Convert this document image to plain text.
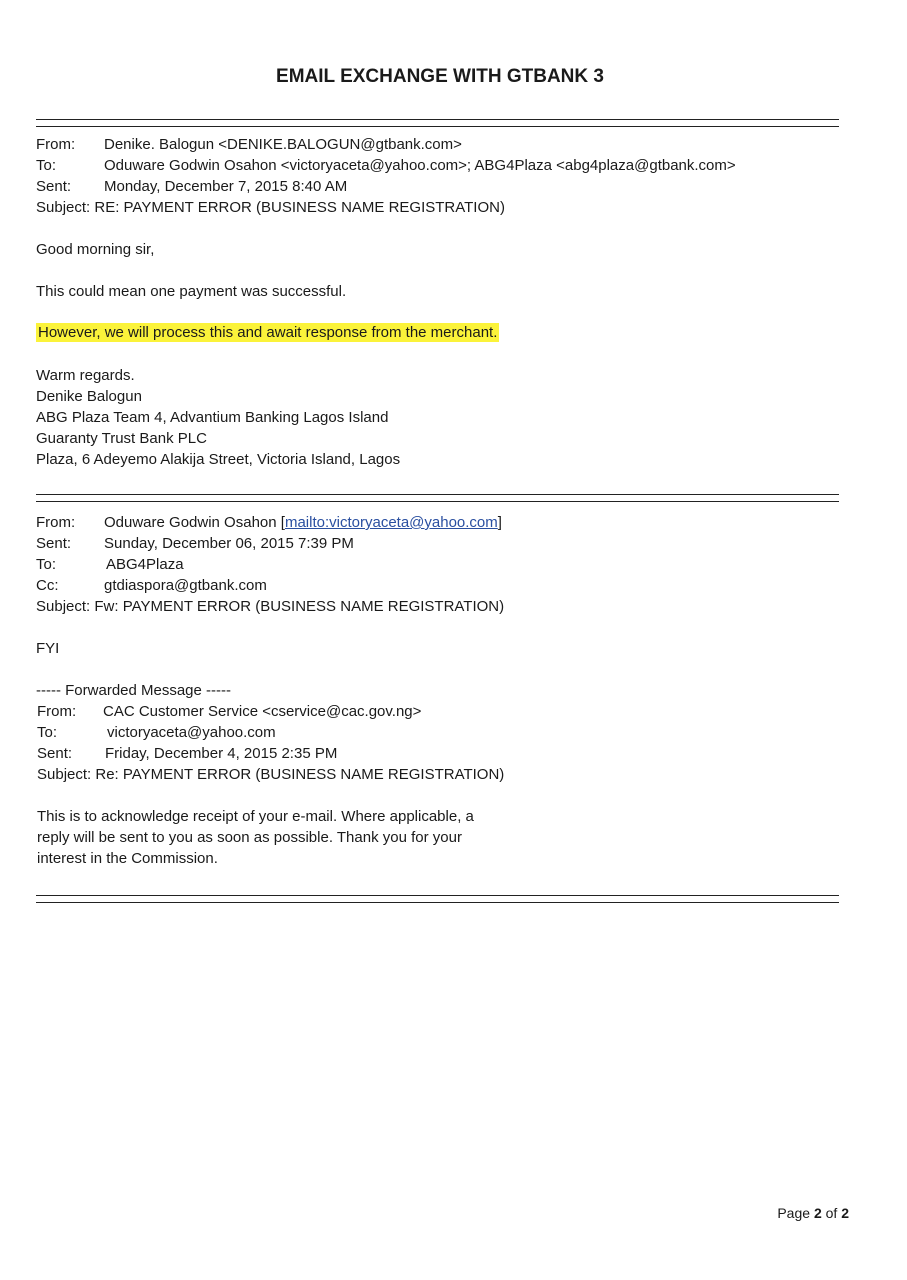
EMAIL EXCHANGE WITH GTBANK 3
From:	Denike. Balogun <DENIKE.BALOGUN@gtbank.com>
To:	Oduware Godwin Osahon <victoryaceta@yahoo.com>; ABG4Plaza <abg4plaza@gtbank.com>
Sent:	Monday, December 7, 2015 8:40 AM
Subject: RE: PAYMENT ERROR (BUSINESS NAME REGISTRATION)
Good morning sir,
This could mean one payment was successful.
However, we will process this and await response from the merchant.
Warm regards.
Denike Balogun
ABG Plaza Team 4, Advantium Banking Lagos Island
Guaranty Trust Bank PLC
Plaza, 6 Adeyemo Alakija Street, Victoria Island, Lagos
From:	Oduware Godwin Osahon [mailto:victoryaceta@yahoo.com]
Sent:	Sunday, December 06, 2015 7:39 PM
To:	ABG4Plaza
Cc:	gtdiaspora@gtbank.com
Subject: Fw: PAYMENT ERROR (BUSINESS NAME REGISTRATION)
FYI
----- Forwarded Message -----
From:	CAC Customer Service <cservice@cac.gov.ng>
To:	victoryaceta@yahoo.com
Sent:	Friday, December 4, 2015 2:35 PM
Subject: Re: PAYMENT ERROR (BUSINESS NAME REGISTRATION)
This is to acknowledge receipt of your e-mail. Where applicable, a
reply will be sent to you as soon as possible. Thank you for your
interest in the Commission.
Page 2 of 2
